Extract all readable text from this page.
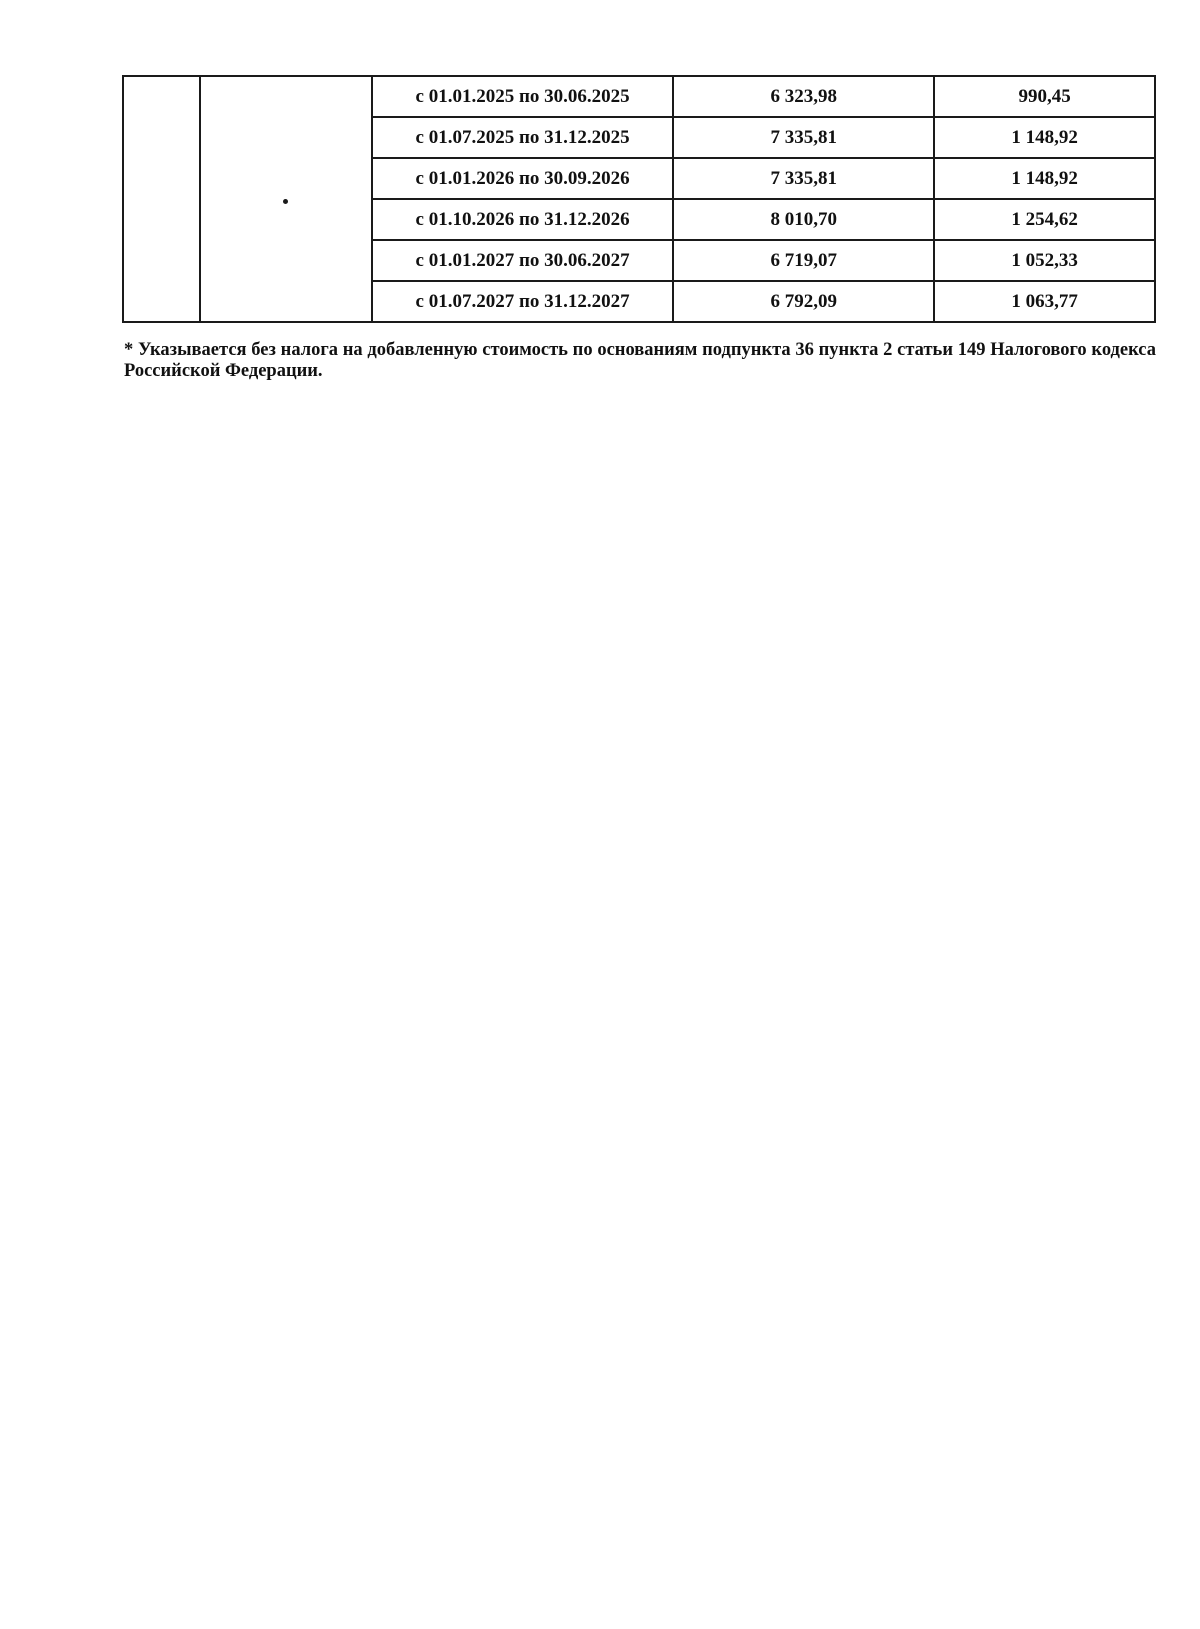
		с 01.01.2025 по 30.06.2025	6 323,98	990,45
		с 01.07.2025 по 31.12.2025	7 335,81	1 148,92
		с 01.01.2026 по 30.09.2026	7 335,81	1 148,92
		с 01.10.2026 по 31.12.2026	8 010,70	1 254,62
		с 01.01.2027 по 30.06.2027	6 719,07	1 052,33
		с 01.07.2027 по 31.12.2027	6 792,09	1 063,77

* Указывается без налога на добавленную стоимость по основаниям подпункта 36 пункта 2 статьи 149 Налогового кодекса Российской Федерации.
